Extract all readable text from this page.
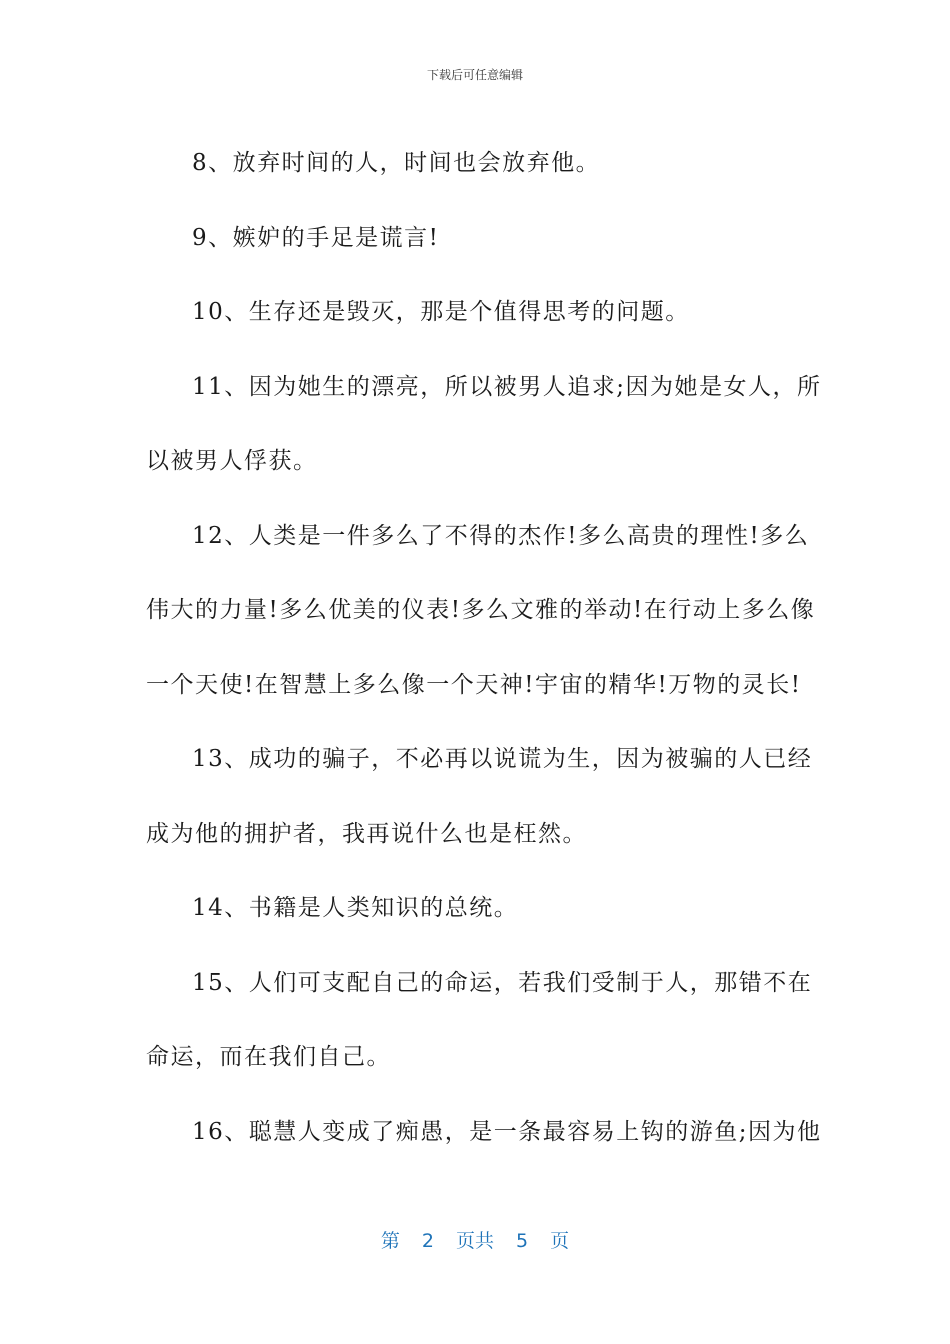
下载后可任意编辑
8、放弃时间的人，时间也会放弃他。
9、嫉妒的手足是谎言!
10、生存还是毁灭，那是个值得思考的问题。
11、因为她生的漂亮，所以被男人追求;因为她是女人，所
以被男人俘获。
12、人类是一件多么了不得的杰作!多么高贵的理性!多么
伟大的力量!多么优美的仪表!多么文雅的举动!在行动上多么像
一个天使!在智慧上多么像一个天神!宇宙的精华!万物的灵长!
13、成功的骗子，不必再以说谎为生，因为被骗的人已经
成为他的拥护者，我再说什么也是枉然。
14、书籍是人类知识的总统。
15、人们可支配自己的命运，若我们受制于人，那错不在
命运，而在我们自己。
16、聪慧人变成了痴愚，是一条最容易上钩的游鱼;因为他
第 2 页共 5 页
